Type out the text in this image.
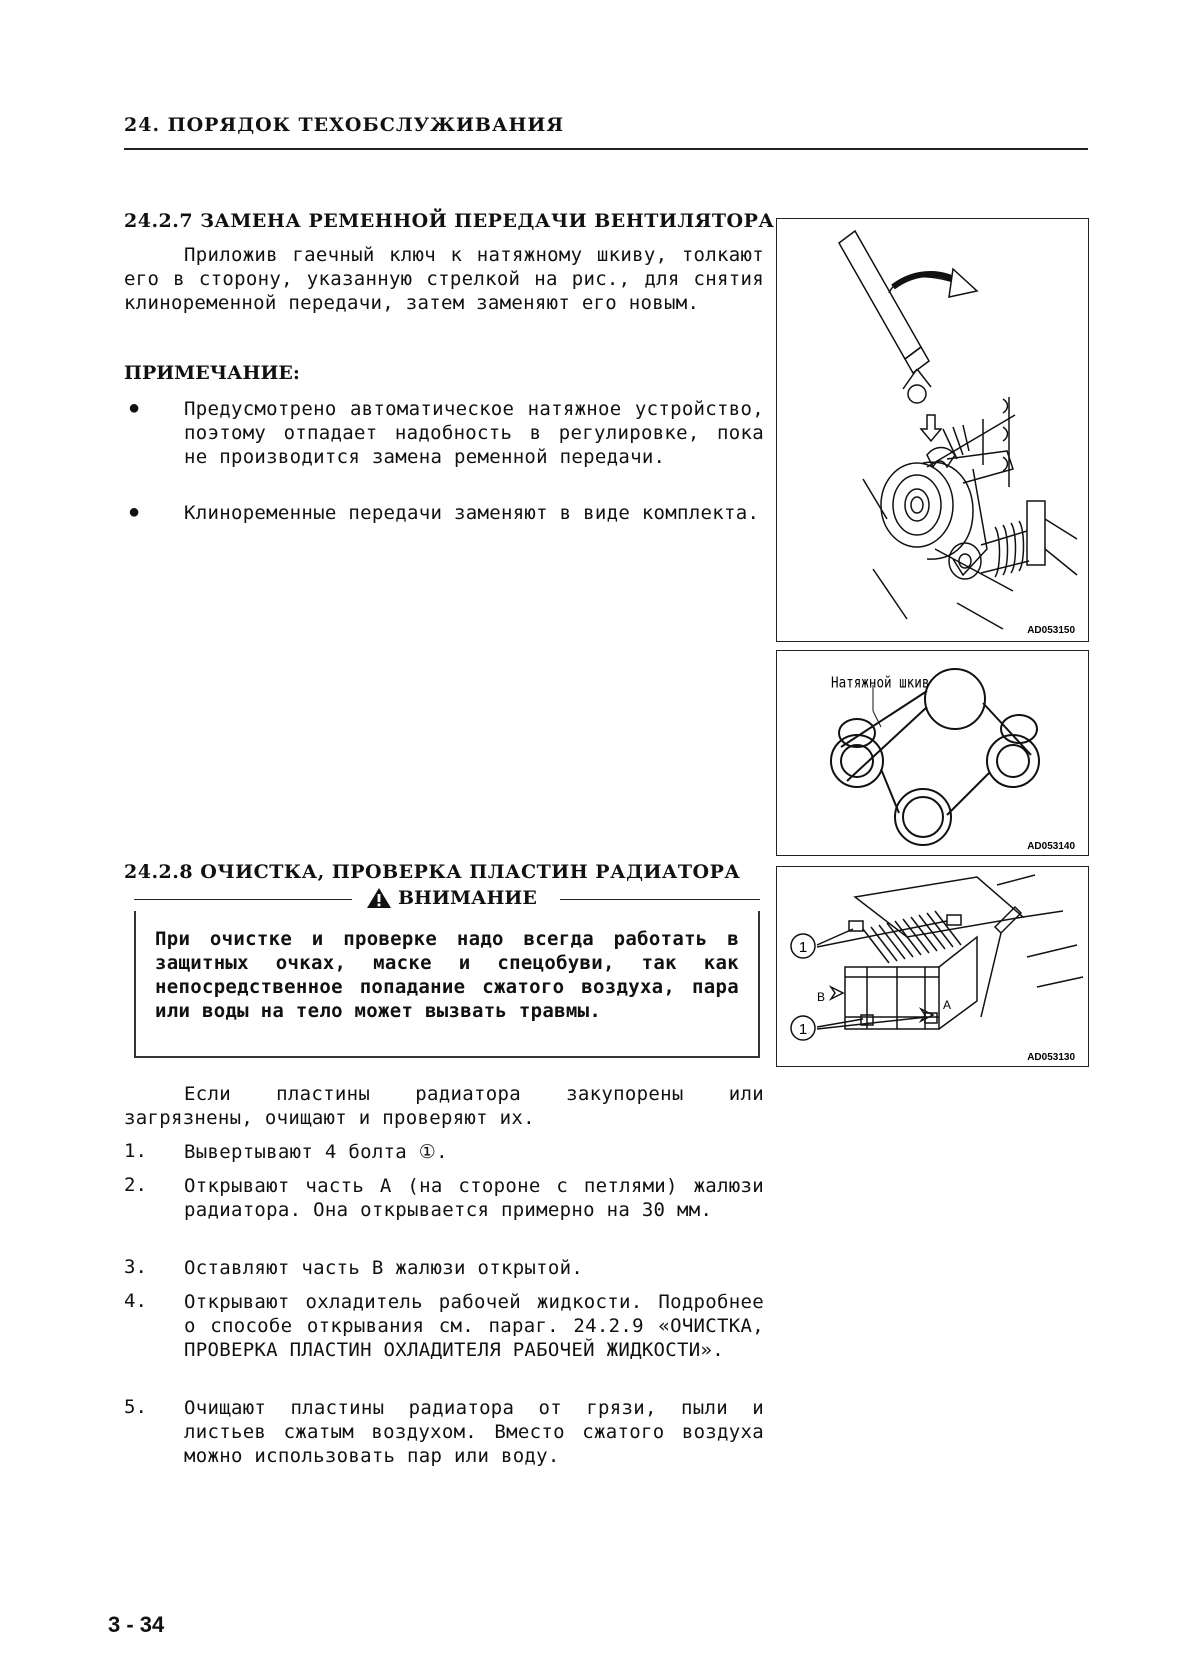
24. ПОРЯДОК ТЕХОБСЛУЖИВАНИЯ
24.2.7 ЗАМЕНА РЕМЕННОЙ ПЕРЕДАЧИ ВЕНТИЛЯТОРА
Приложив гаечный ключ к натяжному шкиву, толкают его в сторону, указанную стрелкой на рис., для снятия клиноременной передачи, затем заменяют его новым.
ПРИМЕЧАНИЕ:
● Предусмотрено автоматическое натяжное устройство, поэтому отпадает надобность в регулировке, пока не производится замена ременной передачи.
● Клиноременные передачи заменяют в виде комплекта.
24.2.8 ОЧИСТКА, ПРОВЕРКА ПЛАСТИН РАДИАТОРА
ВНИМАНИЕ
При очистке и проверке надо всегда работать в защитных очках, маске и спецобуви, так как непосредственное попадание сжатого воздуха, пара или воды на тело может вызвать травмы.
Если пластины радиатора закупорены или загрязнены, очищают и проверяют их.
1. Вывертывают 4 болта ①.
2. Открывают часть A (на стороне с петлями) жалюзи радиатора. Она открывается примерно на 30 мм.
3. Оставляют часть B жалюзи открытой.
4. Открывают охладитель рабочей жидкости. Подробнее о способе открывания см. параг. 24.2.9 «ОЧИСТКА, ПРОВЕРКА ПЛАСТИН ОХЛАДИТЕЛЯ РАБОЧЕЙ ЖИДКОСТИ».
5. Очищают пластины радиатора от грязи, пыли и листьев сжатым воздухом. Вместо сжатого воздуха можно использовать пар или воду.
AD053150
Натяжной шкив
AD053140
1
1
B
A
AD053130
3 - 34
